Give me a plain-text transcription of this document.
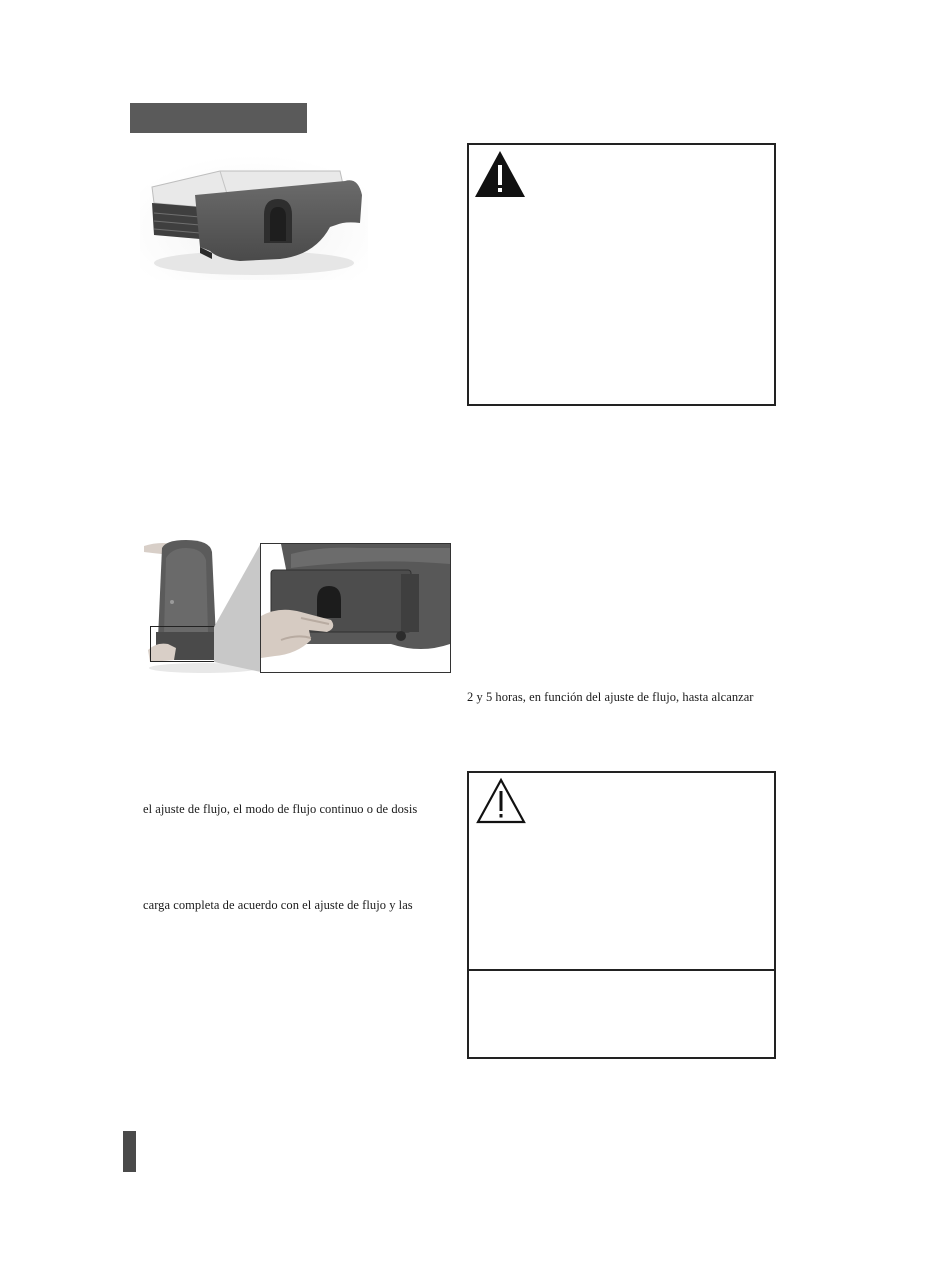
2 y 5 horas, en función del ajuste de flujo, hasta alcanzar
el ajuste de flujo, el modo de flujo continuo o de dosis
carga completa de acuerdo con el ajuste de flujo y las
